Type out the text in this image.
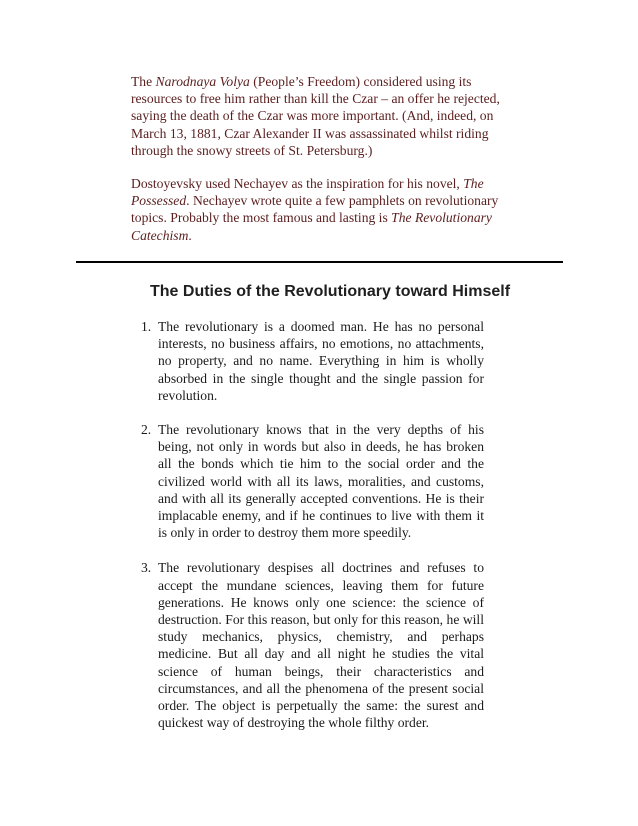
The Narodnaya Volya (People’s Freedom) considered using its resources to free him rather than kill the Czar – an offer he rejected, saying the death of the Czar was more important. (And, indeed, on March 13, 1881, Czar Alexander II was assassinated whilst riding through the snowy streets of St. Petersburg.)

Dostoyevsky used Nechayev as the inspiration for his novel, The Possessed. Nechayev wrote quite a few pamphlets on revolutionary topics. Probably the most famous and lasting is The Revolutionary Catechism.

The Duties of the Revolutionary toward Himself
1. The revolutionary is a doomed man. He has no personal interests, no business affairs, no emotions, no attachments, no property, and no name. Everything in him is wholly absorbed in the single thought and the single passion for revolution.
2. The revolutionary knows that in the very depths of his being, not only in words but also in deeds, he has broken all the bonds which tie him to the social order and the civilized world with all its laws, moralities, and customs, and with all its generally accepted conventions. He is their implacable enemy, and if he continues to live with them it is only in order to destroy them more speedily.
3. The revolutionary despises all doctrines and refuses to accept the mundane sciences, leaving them for future generations. He knows only one science: the science of destruction. For this reason, but only for this reason, he will study mechanics, physics, chemistry, and perhaps medicine. But all day and all night he studies the vital science of human beings, their characteristics and circumstances, and all the phenomena of the present social order. The object is perpetually the same: the surest and quickest way of destroying the whole filthy order.
